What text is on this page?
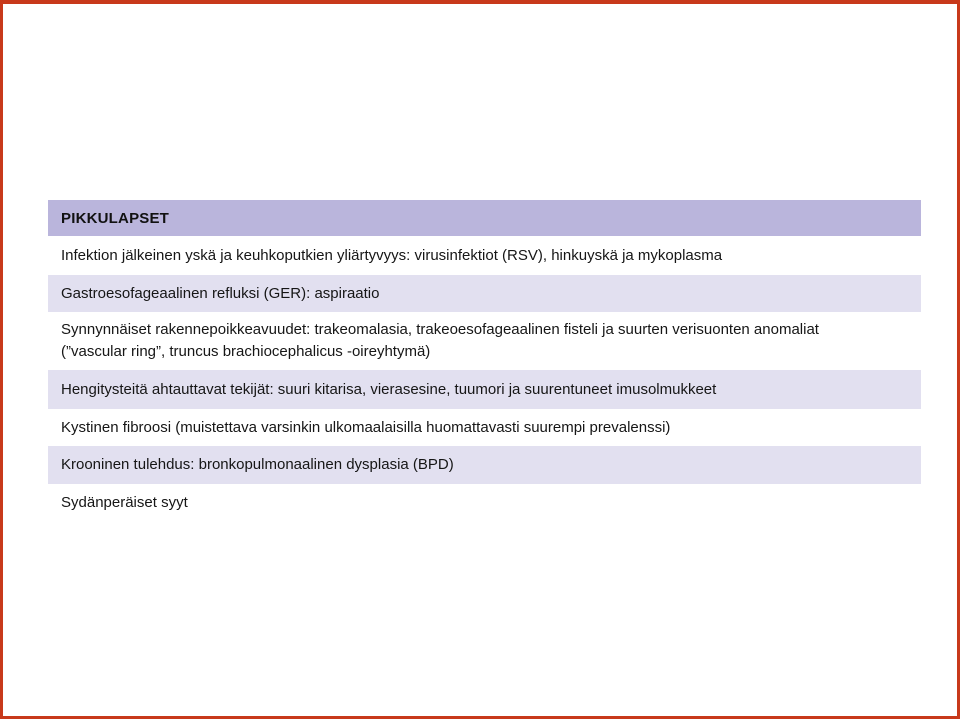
PIKKULAPSET
Infektion jälkeinen yskä ja keuhkoputkien yliärtyvyys: virusinfektiot (RSV), hinkuyskä ja mykoplasma
Gastroesofageaalinen refluksi (GER): aspiraatio
Synnynnäiset rakennepoikkeavuudet: trakeomalasia, trakeoesofageaalinen fisteli ja suurten verisuonten anomaliat
(”vascular ring”, truncus brachiocephalicus -oireyhtymä)
Hengitysteitä ahtauttavat tekijät: suuri kitarisa, vierasesine, tuumori ja suurentuneet imusolmukkeet
Kystinen fibroosi (muistettava varsinkin ulkomaalaisilla huomattavasti suurempi prevalenssi)
Krooninen tulehdus: bronkopulmonaalinen dysplasia (BPD)
Sydänperäiset syyt
